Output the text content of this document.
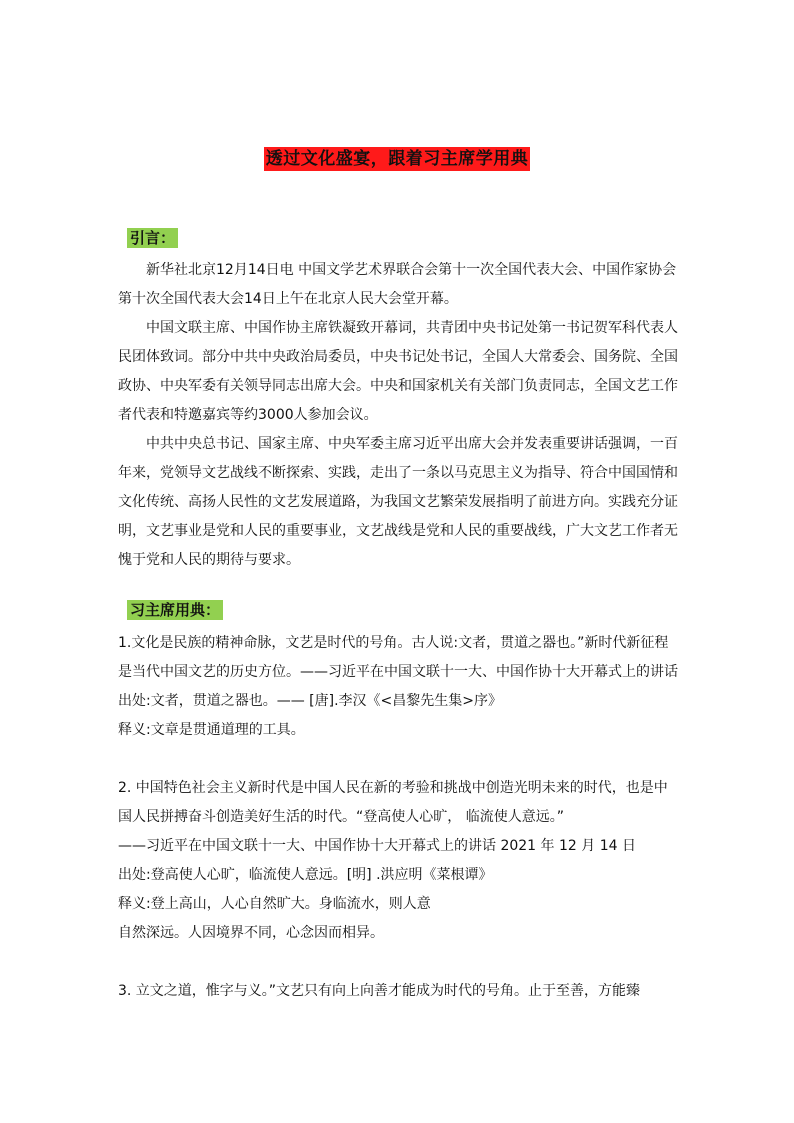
透过文化盛宴，跟着习主席学用典
引言：

新华社北京12月14日电 中国文学艺术界联合会第十一次全国代表大会、中国作家协会第十次全国代表大会14日上午在北京人民大会堂开幕。

中国文联主席、中国作协主席铁凝致开幕词，共青团中央书记处第一书记贺军科代表人民团体致词。部分中共中央政治局委员，中央书记处书记，全国人大常委会、国务院、全国政协、中央军委有关领导同志出席大会。中央和国家机关有关部门负责同志，全国文艺工作者代表和特邀嘉宾等约3000人参加会议。

中共中央总书记、国家主席、中央军委主席习近平出席大会并发表重要讲话强调，一百年来，党领导文艺战线不断探索、实践，走出了一条以马克思主义为指导、符合中国国情和文化传统、高扬人民性的文艺发展道路，为我国文艺繁荣发展指明了前进方向。实践充分证明，文艺事业是党和人民的重要事业，文艺战线是党和人民的重要战线，广大文艺工作者无愧于党和人民的期待与要求。

习主席用典：

1.文化是民族的精神命脉，文艺是时代的号角。古人说:文者，贯道之器也。”新时代新征程是当代中国文艺的历史方位。——习近平在中国文联十一大、中国作协十大开幕式上的讲话

出处:文者，贯道之器也。—— [唐].李汉《<昌黎先生集>序》

释义:文章是贯通道理的工具。

2. 中国特色社会主义新时代是中国人民在新的考验和挑战中创造光明未来的时代，也是中国人民拼搏奋斗创造美好生活的时代。“登高使人心旷， 临流使人意远。”

——习近平在中国文联十一大、中国作协十大开幕式上的讲话 2021 年 12 月 14 日

出处:登高使人心旷，临流使人意远。[明] .洪应明《菜根谭》

释义:登上高山，人心自然旷大。身临流水，则人意

自然深远。人因境界不同，心念因而相异。

3. 立文之道，惟字与义。”文艺只有向上向善才能成为时代的号角。止于至善，方能臻
